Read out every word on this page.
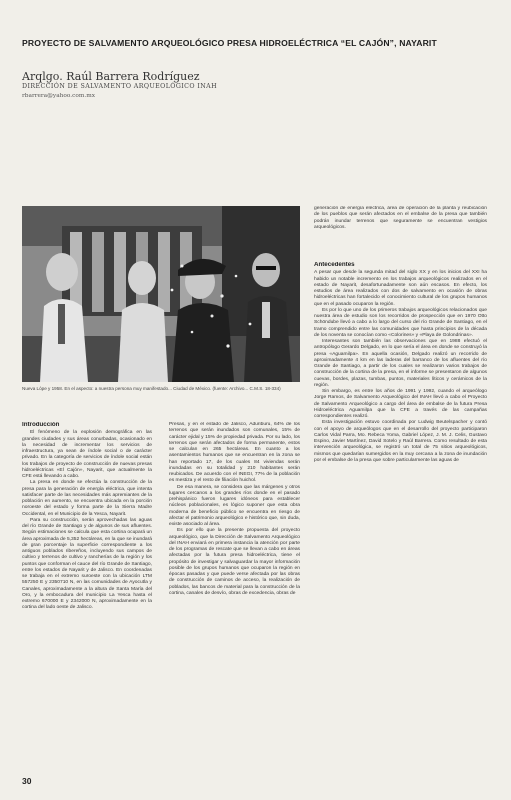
PROYECTO DE SALVAMENTO ARQUEOLÓGICO PRESA HIDROELÉCTRICA “EL CAJÓN”, NAYARIT
Arqlgo. Raúl Barrera Rodríguez
DIRECCIÓN DE SALVAMENTO ARQUEOLÓGICO INAH
rbarrera@yahoo.com.mx
Nueva Lópe y 1958. En el aspecto: a nuestra persona muy manifestado... Ciudad de México. (fuente: Archivo... C.M.S. 18-334)
Introducción

El fenómeno de la explosión demográfica en las grandes ciudades y sus áreas conurbadas, ocasionado en la necesidad de incrementar los servicios de infraestructura, ya sean de índole social o de carácter privado. En la categoría de servicios de índole social están los trabajos de proyecto de construcción de nuevas presas hidroeléctricas «El Cajón», Nayarit, que actualmente la CFE está llevando a cabo.

La presa en donde se efectúa la construcción de la presa para la generación de energía eléctrica, que intenta satisfacer parte de las necesidades más apremiantes de la población en aumento, se encuentra ubicada en la porción noroeste del estado y forma parte de la Sierra Madre Occidental, en el Municipio de la Yesca, Nayarit.

Para su construcción, serán aprovechadas las aguas del río Grande de Santiago y de algunos de sus afluentes. Según estimaciones se calcula que esta cortina ocupará un área aproximada de 5,352 hectáreas, en la que se inundará de gran porcentaje la superficie correspondiente a los antiguos poblados ribereños, incluyendo sus campos de cultivo y terrenos de cultivo y rancherías de la región y los puntos que conforman el cauce del río Grande de Santiago, entre los estados de Nayarit y de Jalisco. En coordenadas se trabaja en el extremo suroeste con la ubicación LTM 557250 E y 2350710 N, en las comunidades de Ayocutla y Canales, aproximadamente a la altura de Santa María del Oro, y la embocadura del municipio La Yesca hasta el extremo 670000 E y 2342000 N, aproximadamente en la cortina del lado oeste de Jalisco.

Presas, y en el estado de Jalisco, Aduriburu, 64% de los terrenos que serán inundados son comunales, 15% de carácter ejidal y 15% de propiedad privada. Por su lado, los terrenos que serán afectados de forma permanente, estos se calculan en 265 hectáreas. En cuanto a los asentamientos humanos que se encuentran en la zona se han reportado 17, de los cuales 84 viviendas serán inundadas en su totalidad y 210 habitantes serán reubicados. De acuerdo con el INEGI, 77% de la población es mestiza y el resto de filiación huichol.

De esa manera, se considera que las márgenes y otros lugares cercanos a los grandes ríos donde en el pasado prehispánico fueron lugares idóneos para establecer núcleos poblacionales, es lógico suponer que esta obra moderna de beneficio público se encuentra en riesgo de afectar el patrimonio arqueológico e histórico que, sin duda, existe asociado al área.

Es por ello que la presente propuesta del proyecto arqueológico, que la Dirección de Salvamento Arqueológico del INAH enviará en primera instancia la atención por parte de los programas de rescate que se llevan a cabo en áreas afectadas por la futura presa hidroeléctrica, tiene el propósito de investigar y salvaguardar la mayor información posible de los grupos humanos que ocuparon la región en épocas pasadas y que puede verse afectada por las obras de construcción de caminos de acceso, la realización de poblados, las bancos de material para la construcción de la cortina, canales de desvío, obras de excedencia, obras de

generación de energía eléctrica, área de operación de la planta y reubicación de los pueblos que serán afectados en el embalse de la presa que también podrán inundar terrenos que seguramente se encuentran vestigios arqueológicos.

Antecedentes

A pesar que desde la segunda mitad del siglo XX y en los inicios del XXI ha habido un notable incremento en los trabajos arqueológicos realizados en el estado de Nayarit, desafortunadamente son aún escasos. En efecto, los estudios de área realizados con dos de salvamento en ocasión de obras hidroeléctricas han fortalecido el conocimiento cultural de los grupos humanos que en el pasado ocuparon la región.

Es por lo que uno de los primeros trabajos arqueológicos relacionados que nuestra área de estudio son los recorridos de prospección que en 1970 Otto Schöndube llevó a cabo a lo largo del curso del río Grande de Santiago, en el tramo comprendido entre las comunidades que hasta principios de la década de los noventa se conocían como «Colorines» y «Playa de Golondrinas».

Interesantes son también las observaciones que en 1988 efectuó el antropólogo Gerardo Delgado, en lo que sería el área en donde se construyó la presa «Aguamilpa». En aquella ocasión, Delgado realizó un recorrido de aproximadamente 4 km en las laderas del barranco de los afluentes del río Grande de Santiago, a partir de los cuales se realizaron varios trabajos de construcción de la cortina de la presa, en el informe se presentaron de algunos cuevas, bordes, plazas, tumbas, puntos, materiales líticos y cerámicos de la región.

Sin embargo, es entre los años de 1991 y 1992, cuando el arqueólogo Jorge Ramos, de Salvamento Arqueológico del INAH llevó a cabo el Proyecto de Salvamento Arqueológico a cargo del área de embalse de la futura Presa Hidroeléctrica Aguamilpa que la CFE a través de las campañas correspondientes realizó.

Esta investigación estuvo coordinada por Ludwig Beutelspacher y contó con el apoyo de arqueólogos que en el desarrollo del proyecto participaron Carlos Vidal Parra, Mo. Rebeca Yoma, Gabriel López, J. M. J. Celis, Gustavo Espino, Javier Martínez, David Sotelo y Raúl Barrera. Como resultado de esta intervención arqueológica, se registró un total de 75 sitios arqueológicos, mismos que quedarían sumergidos en la muy cercana a la zona de inundación por el embalse de la presa que sobre particularmente las aguas de

30
